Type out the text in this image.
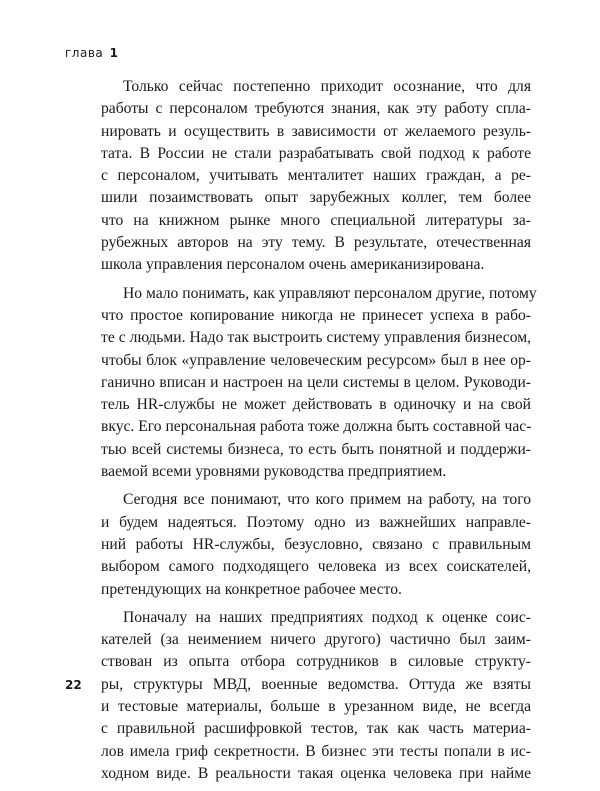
глава 1
Только сейчас постепенно приходит осознание, что для
работы с персоналом требуются знания, как эту работу спла-
нировать и осуществить в зависимости от желаемого резуль-
тата. В России не стали разрабатывать свой подход к работе
с персоналом, учитывать менталитет наших граждан, а ре-
шили позаимствовать опыт зарубежных коллег, тем более
что на книжном рынке много специальной литературы за-
рубежных авторов на эту тему. В результате, отечественная
школа управления персоналом очень американизирована.
Но мало понимать, как управляют персоналом другие, потому
что простое копирование никогда не принесет успеха в рабо-
те с людьми. Надо так выстроить систему управления бизнесом,
чтобы блок «управление человеческим ресурсом» был в нее ор-
ганично вписан и настроен на цели системы в целом. Руководи-
тель HR-службы не может действовать в одиночку и на свой
вкус. Его персональная работа тоже должна быть составной час-
тью всей системы бизнеса, то есть быть понятной и поддержи-
ваемой всеми уровнями руководства предприятием.
Сегодня все понимают, что кого примем на работу, на того
и будем надеяться. Поэтому одно из важнейших направле-
ний работы HR-службы, безусловно, связано с правильным
выбором самого подходящего человека из всех соискателей,
претендующих на конкретное рабочее место.
Поначалу на наших предприятиях подход к оценке соис-
кателей (за неимением ничего другого) частично был заим-
ствован из опыта отбора сотрудников в силовые структу-
ры, структуры МВД, военные ведомства. Оттуда же взяты
и тестовые материалы, больше в урезанном виде, не всегда
с правильной расшифровкой тестов, так как часть материа-
лов имела гриф секретности. В бизнес эти тесты попали в ис-
ходном виде. В реальности такая оценка человека при найме
22
